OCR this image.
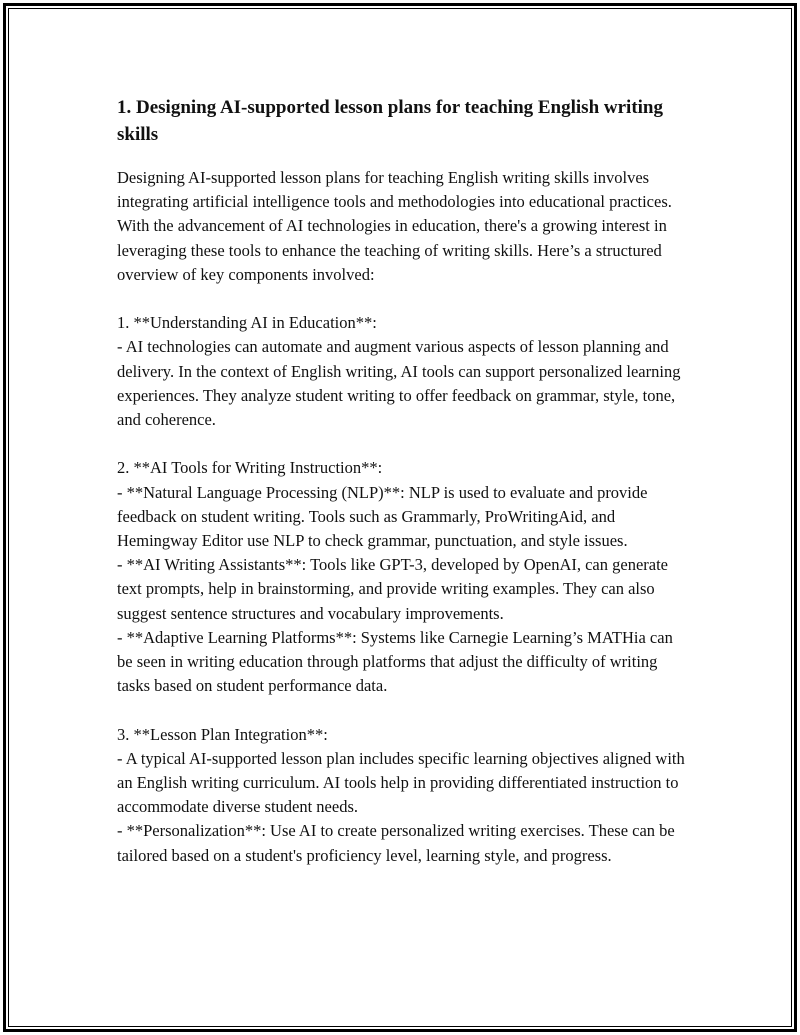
1. Designing AI-supported lesson plans for teaching English writing skills

Designing AI-supported lesson plans for teaching English writing skills involves integrating artificial intelligence tools and methodologies into educational practices. With the advancement of AI technologies in education, there's a growing interest in leveraging these tools to enhance the teaching of writing skills. Here’s a structured overview of key components involved:

1. **Understanding AI in Education**:
- AI technologies can automate and augment various aspects of lesson planning and delivery. In the context of English writing, AI tools can support personalized learning experiences. They analyze student writing to offer feedback on grammar, style, tone, and coherence.

2. **AI Tools for Writing Instruction**:
- **Natural Language Processing (NLP)**: NLP is used to evaluate and provide feedback on student writing. Tools such as Grammarly, ProWritingAid, and Hemingway Editor use NLP to check grammar, punctuation, and style issues.
- **AI Writing Assistants**: Tools like GPT-3, developed by OpenAI, can generate text prompts, help in brainstorming, and provide writing examples. They can also suggest sentence structures and vocabulary improvements.
- **Adaptive Learning Platforms**: Systems like Carnegie Learning’s MATHia can be seen in writing education through platforms that adjust the difficulty of writing tasks based on student performance data.

3. **Lesson Plan Integration**:
- A typical AI-supported lesson plan includes specific learning objectives aligned with an English writing curriculum. AI tools help in providing differentiated instruction to accommodate diverse student needs.
- **Personalization**: Use AI to create personalized writing exercises. These can be tailored based on a student's proficiency level, learning style, and progress.
